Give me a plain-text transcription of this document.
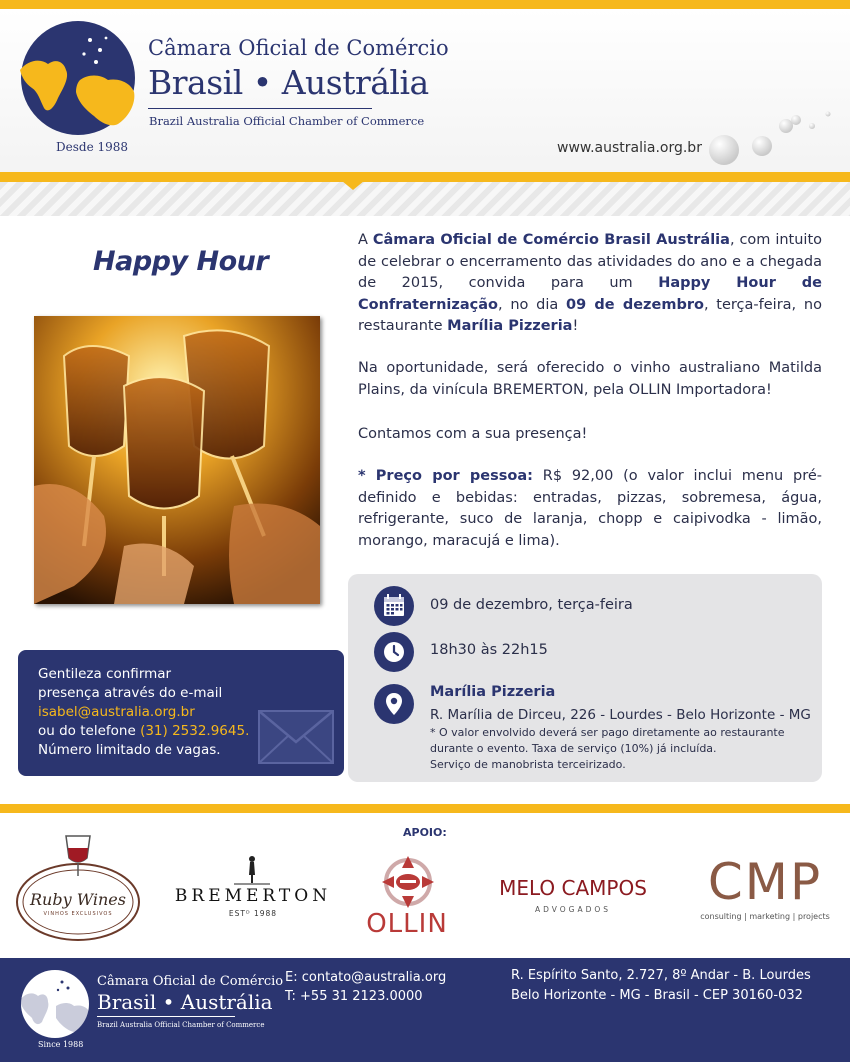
Câmara Oficial de Comércio
Brasil • Austrália
Brazil Australia Official Chamber of Commerce
Desde 1988	www.australia.org.br
Happy Hour
Gentileza confirmar
presença através do e-mail
isabel@australia.org.br
ou do telefone (31) 2532.9645.
Número limitado de vagas.
A Câmara Oficial de Comércio Brasil Austrália, com intuito de celebrar o encerramento das atividades do ano e a chegada de 2015, convida para um Happy Hour de Confraternização, no dia 09 de dezembro, terça-feira, no restaurante Marília Pizzeria!
Na oportunidade, será oferecido o vinho australiano Matilda Plains, da vinícula BREMERTON, pela OLLIN Importadora!
Contamos com a sua presença!
* Preço por pessoa: R$ 92,00 (o valor inclui menu pré-definido e bebidas: entradas, pizzas, sobremesa, água, refrigerante, suco de laranja, chopp e caipivodka - limão, morango, maracujá e lima).
09 de dezembro, terça-feira
18h30 às 22h15
Marília Pizzeria
R. Marília de Dirceu, 226 - Lourdes - Belo Horizonte - MG
* O valor envolvido deverá ser pago diretamente ao restaurante
durante o evento. Taxa de serviço (10%) já incluída.
Serviço de manobrista terceirizado.
APOIO:
Ruby Wines
VINHOS EXCLUSIVOS
BREMERTON
ESTᴰ 1988	OLLIN
MELO CAMPOS
ADVOGADOS	CMP
consulting | marketing | projects
Câmara Oficial de Comércio
Brasil • Austrália
Brazil Australia Official Chamber of Commerce
Since 1988
E: contato@australia.org
T: +55 31 2123.0000
R. Espírito Santo, 2.727, 8º Andar - B. Lourdes
Belo Horizonte - MG - Brasil - CEP 30160-032
